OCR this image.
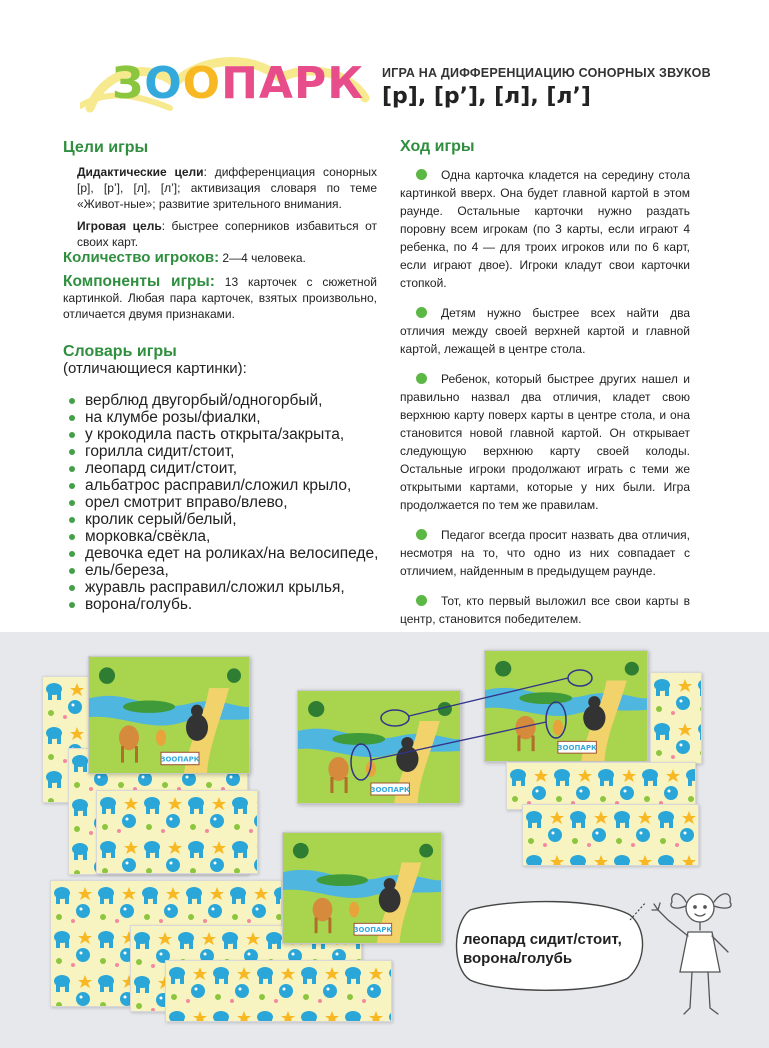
ЗООПАРК ИГРА НА ДИФФЕРЕНЦИАЦИЮ СОНОРНЫХ ЗВУКОВ
[р], [р’], [л], [л’]
Цели игры

Дидактические цели: дифференциация сонорных [р], [р’], [л], [л’]; активизация словаря по теме «Живот-ные»; развитие зрительного внимания.

Игровая цель: быстрее соперников избавиться от своих карт.

Количество игроков: 2—4 человека.

Компоненты игры: 13 карточек с сюжетной картинкой. Любая пара карточек, взятых произвольно, отличается двумя признаками.

Словарь игры
(отличающиеся картинки):
верблюд двугорбый/одногорбый,
на клумбе розы/фиалки,
у крокодила пасть открыта/закрыта,
горилла сидит/стоит,
леопард сидит/стоит,
альбатрос расправил/сложил крыло,
орел смотрит вправо/влево,
кролик серый/белый,
морковка/свёкла,
девочка едет на роликах/на велосипеде,
ель/береза,
журавль расправил/сложил крылья,
ворона/голубь.
Ход игры

Одна карточка кладется на середину стола картинкой вверх. Она будет главной картой в этом раунде. Остальные карточки нужно раздать поровну всем игрокам (по 3 карты, если играют 4 ребенка, по 4 — для троих игроков или по 6 карт, если играют двое). Игроки кладут свои карточки стопкой.

Детям нужно быстрее всех найти два отличия между своей верхней картой и главной картой, лежащей в центре стола.

Ребенок, который быстрее других нашел и правильно назвал два отличия, кладет свою верхнюю карту поверх карты в центре стола, и она становится новой главной картой. Он открывает следующую верхнюю карту своей колоды. Остальные игроки продолжают играть с теми же открытыми картами, которые у них были. Игра продолжается по тем же правилам.

Педагог всегда просит назвать два отличия, несмотря на то, что одно из них совпадает с отличием, найденным в предыдущем раунде.

Тот, кто первый выложил все свои карты в центр, становится победителем.

ЗООПАРК
ЗООПАРК
ЗООПАРК
ЗООПАРК
леопард сидит/стоит, ворона/голубь
